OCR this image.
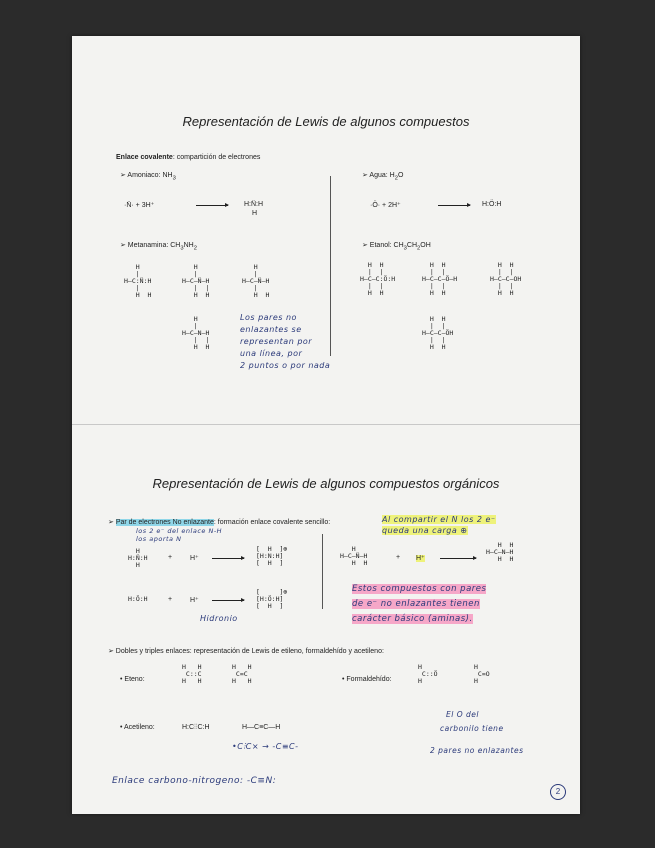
Representación de Lewis de algunos compuestos
Enlace covalente: compartición de electrones
➢ Amoniaco: $NH_3$
·N̈· + 3H⁺	H:N̈:H
H
➢ Agua: $H_2O$
·Ö· + 2H⁺	H:Ö:H
➢ Metanamina: $CH_3NH_2$
H
|
H—C:N̈:H
|
H  H
H
|
H—C—N̈—H
|  |
H  H
H
|
H—C—N̈—H
|
H  H
H
|
H—C—N—H
|  |
H  H
Los pares no
enlazantes se
representan por
una línea, por
2 puntos o por nada
➢ Etanol: $CH_3CH_2OH$
H  H
|  |
H—C—C:Ö:H
|  |
H  H
H  H
|  |
H—C—C—Ö—H
|  |
H  H
H  H
|  |
H—C—C—OH
|  |
H  H
H  H
|  |
H—C—C—ÖH
|  |
H  H
Representación de Lewis de algunos compuestos orgánicos
➢ Par de electrones No enlazante: formación enlace covalente sencillo:
los 2 e⁻ del enlace N-H
los aporta N
Al compartir el N los 2 e⁻
queda una carga ⊕
H
H:N̈:H
H
+	H⁺
[  H  ]⊕
[H:N:H]
[  H  ]
H
H—C—N̈—H
H  H
+ H⁺
H  H
H—C—N—H
H  H
H:Ö:H	+	H⁺
[     ]⊕
[H:Ö:H]
[  H  ]
Hidronio
Estos compuestos con pares
de e⁻ no enlazantes tienen
carácter básico (aminas).
➢ Dobles y triples enlaces: representación de Lewis de etileno, formaldehído y acetileno:
• Eteno:
H   H
C::C
H   H
H   H
C=C
H   H	• Formaldehído:
H
C::Ö
H
H
C=O
H
• Acetileno:	H:C⫶⫶C:H	H—C≡C—H
•C⫶C× → -C≡C-
El O del
carbonilo tiene
2 pares no enlazantes
Enlace carbono-nitrogeno: -C≡N:
2
